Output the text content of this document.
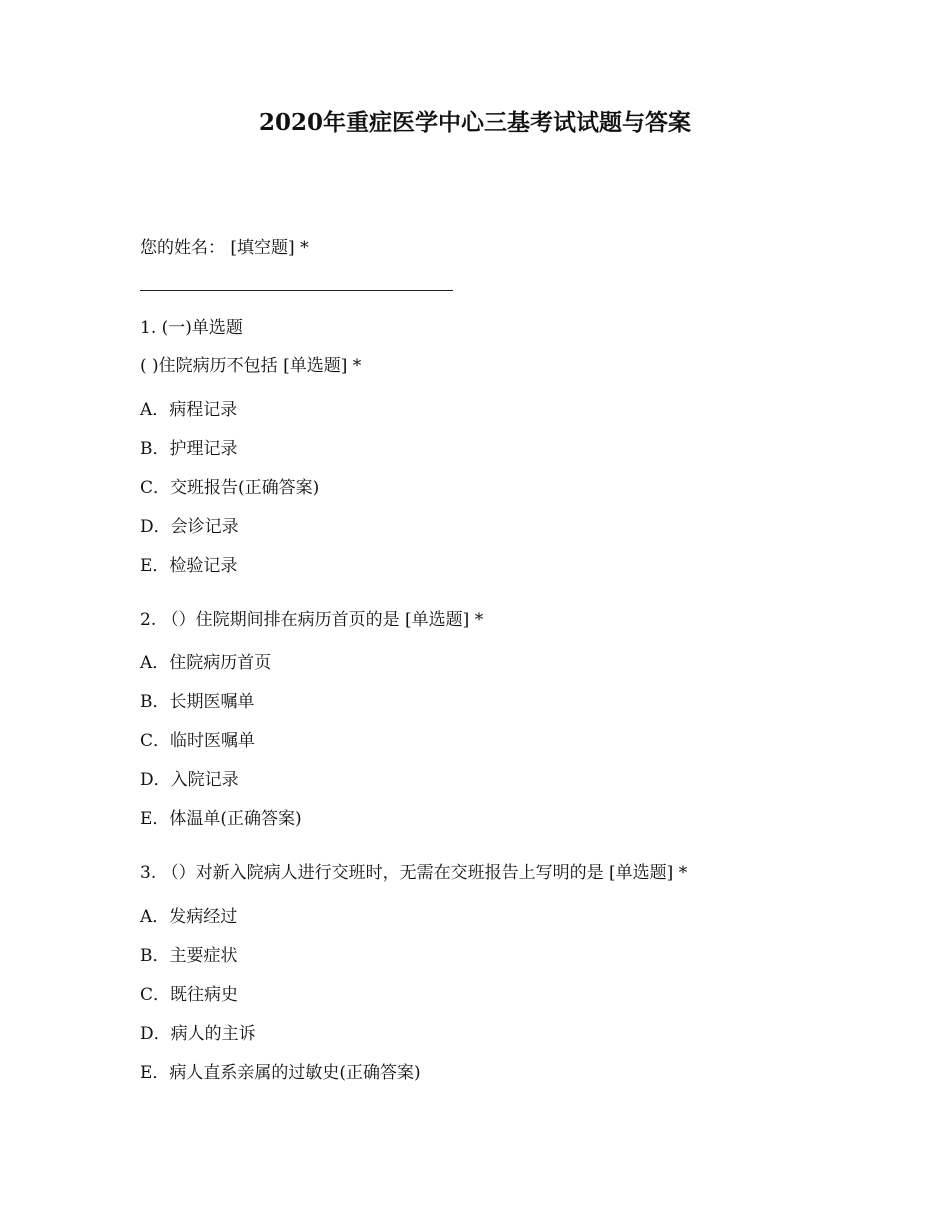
2020年重症医学中心三基考试试题与答案

您的姓名： [填空题] *

1. (一)单选题

( )住院病历不包括 [单选题] *

A．病程记录

B．护理记录

C．交班报告(正确答案)

D．会诊记录

E．检验记录

2. （）住院期间排在病历首页的是 [单选题] *

A．住院病历首页

B．长期医嘱单

C．临时医嘱单

D．入院记录

E．体温单(正确答案)

3. （）对新入院病人进行交班时，无需在交班报告上写明的是 [单选题] *

A．发病经过

B．主要症状

C．既往病史

D．病人的主诉

E．病人直系亲属的过敏史(正确答案)
